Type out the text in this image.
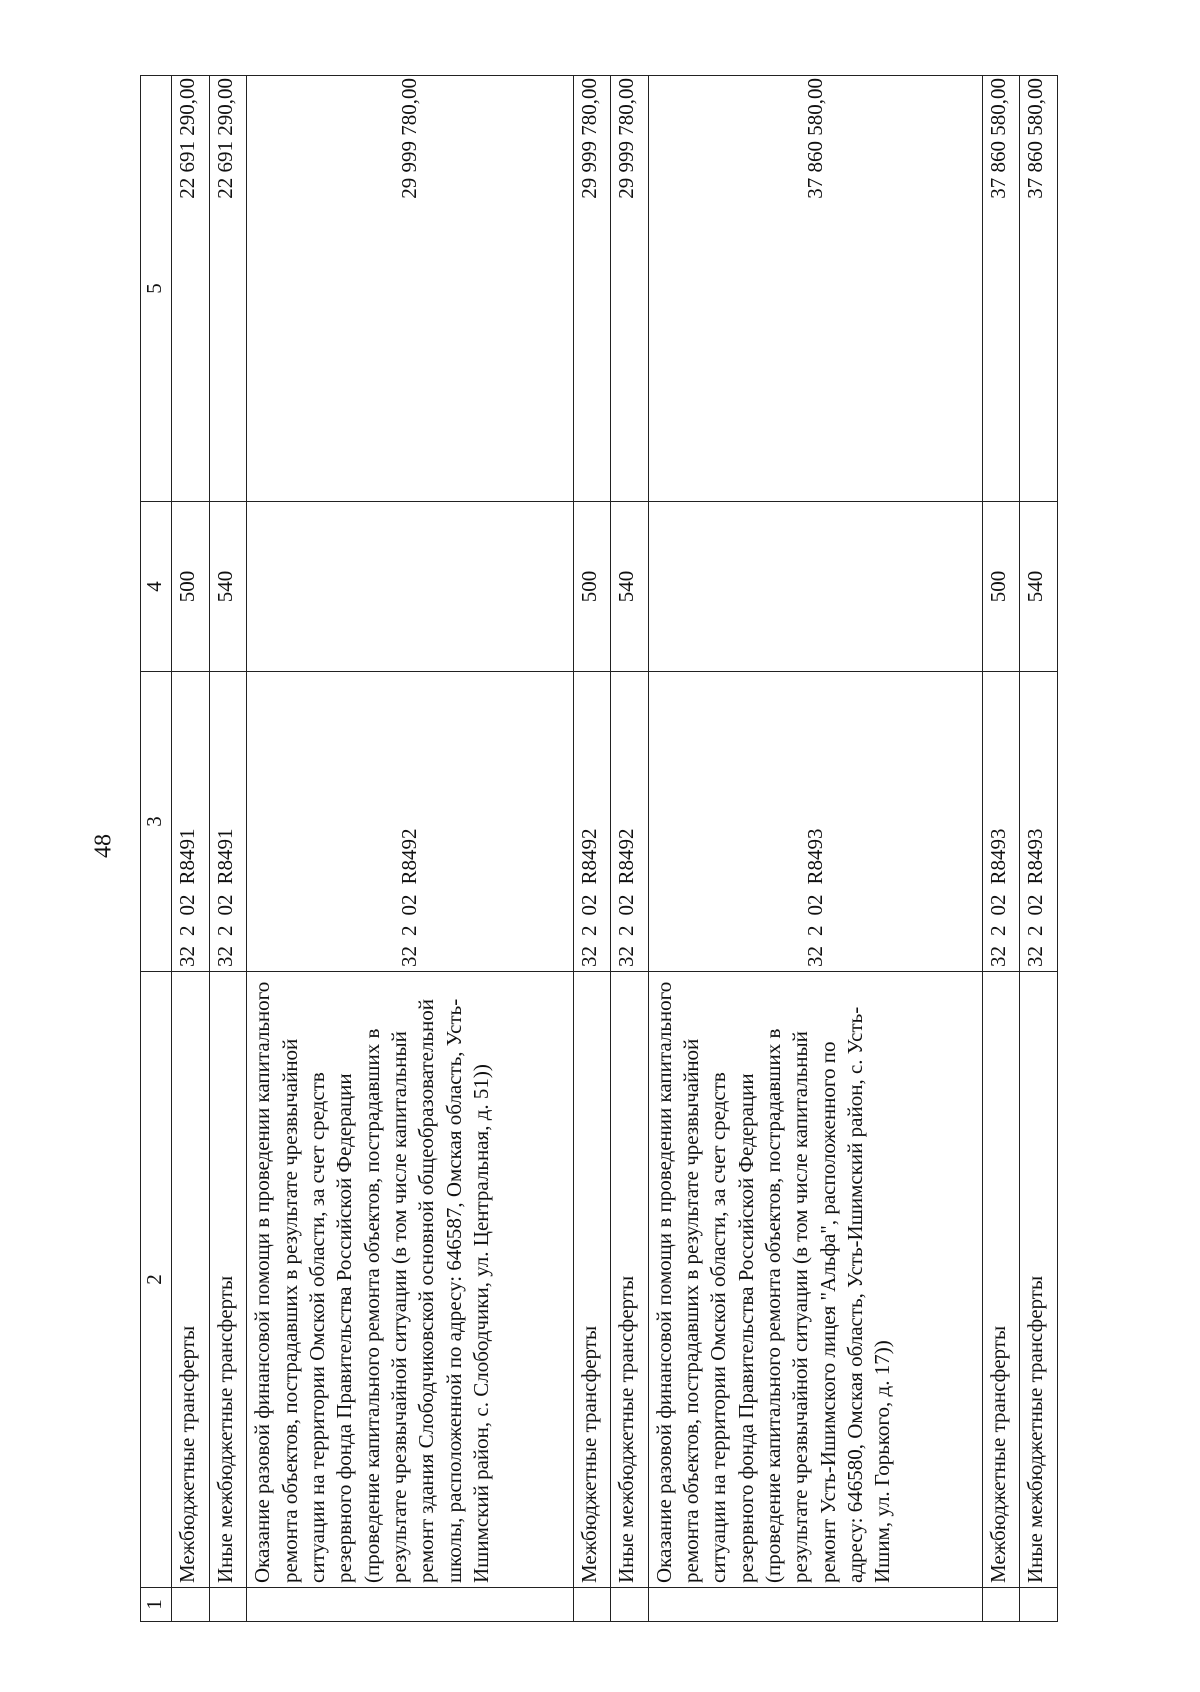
48
1	2	3	4	5
	Межбюджетные трансферты	32202R8491	500	22 691 290,00
	Иные межбюджетные трансферты	32202R8491	540	22 691 290,00
	Оказание разовой финансовой помощи в проведении капитального ремонта объектов, пострадавших в результате чрезвычайной ситуации на территории Омской области, за счет средств резервного фонда Правительства Российской Федерации (проведение капитального ремонта объектов, пострадавших в результате чрезвычайной ситуации (в том числе капитальный ремонт здания Слободчиковской основной общеобразовательной школы, расположенной по адресу: 646587, Омская область, Усть-Ишимский район, с. Слободчики, ул. Центральная, д. 51))	32202R8492		29 999 780,00
	Межбюджетные трансферты	32202R8492	500	29 999 780,00
	Иные межбюджетные трансферты	32202R8492	540	29 999 780,00
	Оказание разовой финансовой помощи в проведении капитального ремонта объектов, пострадавших в результате чрезвычайной ситуации на территории Омской области, за счет средств резервного фонда Правительства Российской Федерации (проведение капитального ремонта объектов, пострадавших в результате чрезвычайной ситуации (в том числе капитальный ремонт Усть-Ишимского лицея "Альфа", расположенного по адресу: 646580, Омская область, Усть-Ишимский район, с. Усть-Ишим, ул. Горького, д. 17))	32202R8493		37 860 580,00
	Межбюджетные трансферты	32202R8493	500	37 860 580,00
	Иные межбюджетные трансферты	32202R8493	540	37 860 580,00
